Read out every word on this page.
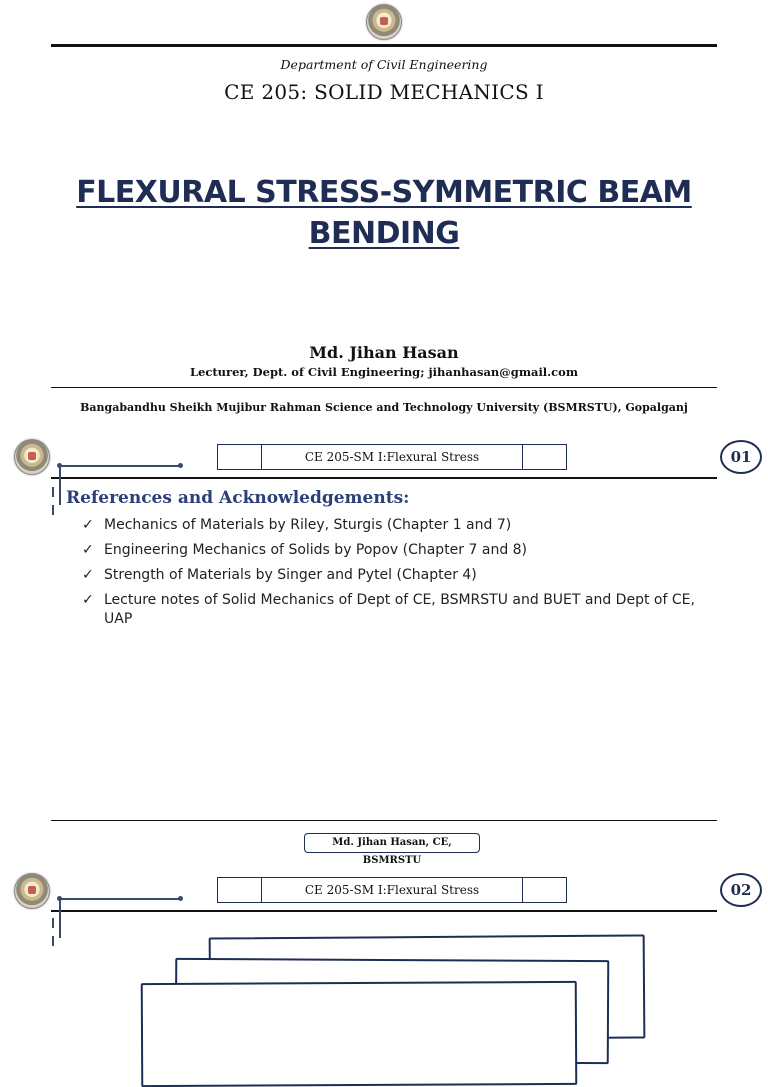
Department of Civil Engineering
CE 205: SOLID MECHANICS I
FLEXURAL STRESS-SYMMETRIC BEAM
BENDING
Md. Jihan Hasan
Lecturer, Dept. of Civil Engineering; jihanhasan@gmail.com
Bangabandhu Sheikh Mujibur Rahman Science and Technology University (BSMRSTU), Gopalganj
CE 205-SM I:Flexural Stress	01
References and Acknowledgements:
✓ Mechanics of Materials by Riley, Sturgis (Chapter 1 and 7)
✓ Engineering Mechanics of Solids by Popov (Chapter 7 and 8)
✓ Strength of Materials by Singer and Pytel (Chapter 4)
✓ Lecture notes of Solid Mechanics of Dept of CE, BSMRSTU and BUET and Dept of CE, UAP
Md. Jihan Hasan, CE, BSMRSTU
CE 205-SM I:Flexural Stress	02
